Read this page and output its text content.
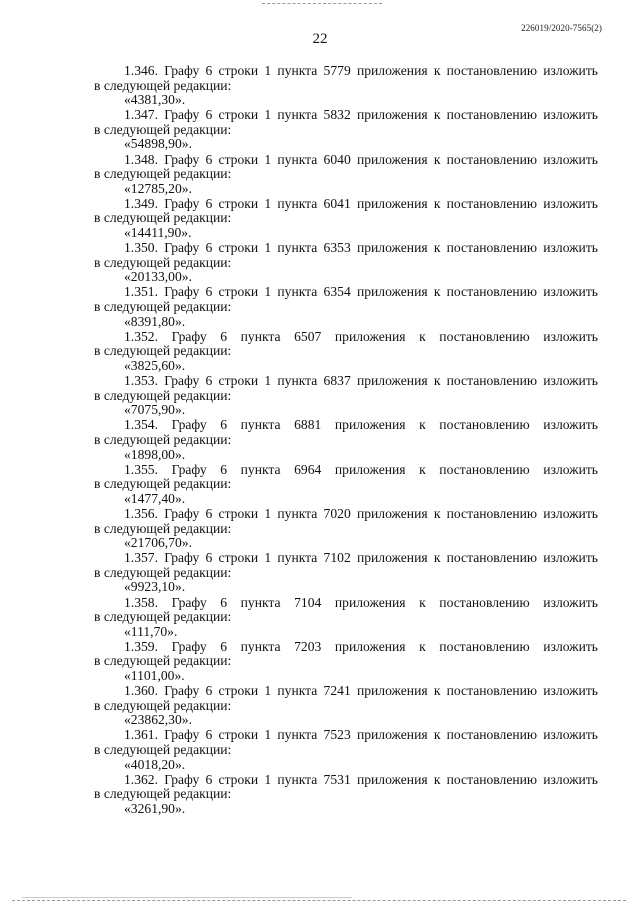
226019/2020-7565(2)
22
1.346. Графу 6 строки 1 пункта 5779 приложения к постановлению изложить
в следующей редакции:
«4381,30».
1.347. Графу 6 строки 1 пункта 5832 приложения к постановлению изложить
в следующей редакции:
«54898,90».
1.348. Графу 6 строки 1 пункта 6040 приложения к постановлению изложить
в следующей редакции:
«12785,20».
1.349. Графу 6 строки 1 пункта 6041 приложения к постановлению изложить
в следующей редакции:
«14411,90».
1.350. Графу 6 строки 1 пункта 6353 приложения к постановлению изложить
в следующей редакции:
«20133,00».
1.351. Графу 6 строки 1 пункта 6354 приложения к постановлению изложить
в следующей редакции:
«8391,80».
1.352. Графу 6 пункта 6507 приложения к постановлению изложить
в следующей редакции:
«3825,60».
1.353. Графу 6 строки 1 пункта 6837 приложения к постановлению изложить
в следующей редакции:
«7075,90».
1.354. Графу 6 пункта 6881 приложения к постановлению изложить
в следующей редакции:
«1898,00».
1.355. Графу 6 пункта 6964 приложения к постановлению изложить
в следующей редакции:
«1477,40».
1.356. Графу 6 строки 1 пункта 7020 приложения к постановлению изложить
в следующей редакции:
«21706,70».
1.357. Графу 6 строки 1 пункта 7102 приложения к постановлению изложить
в следующей редакции:
«9923,10».
1.358. Графу 6 пункта 7104 приложения к постановлению изложить
в следующей редакции:
«111,70».
1.359. Графу 6 пункта 7203 приложения к постановлению изложить
в следующей редакции:
«1101,00».
1.360. Графу 6 строки 1 пункта 7241 приложения к постановлению изложить
в следующей редакции:
«23862,30».
1.361. Графу 6 строки 1 пункта 7523 приложения к постановлению изложить
в следующей редакции:
«4018,20».
1.362. Графу 6 строки 1 пункта 7531 приложения к постановлению изложить
в следующей редакции:
«3261,90».
